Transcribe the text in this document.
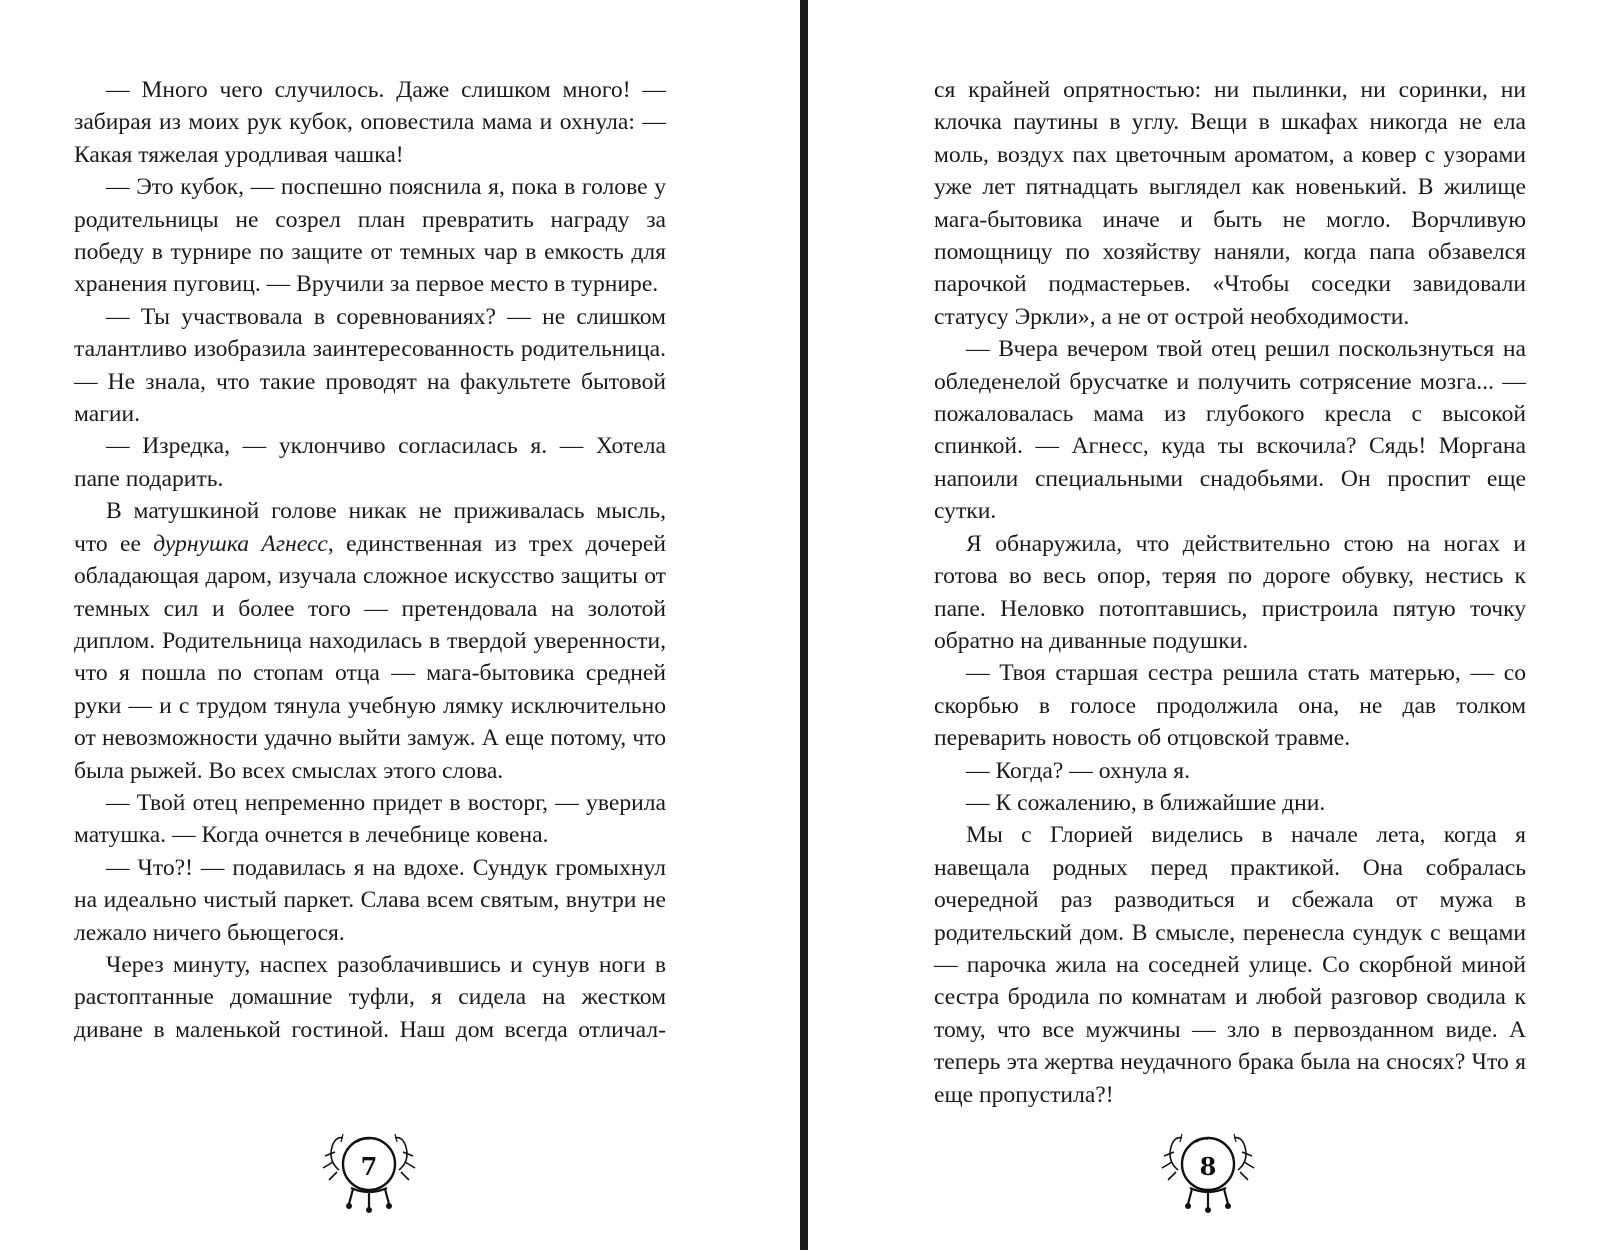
— Много чего случилось. Даже слишком много! — забирая из моих рук кубок, оповестила мама и охнула: — Какая тяжелая уродливая чашка!

— Это кубок, — поспешно пояснила я, пока в голове у родительницы не созрел план превратить награду за победу в турнире по защите от темных чар в емкость для хранения пуговиц. — Вручили за первое место в турнире.

— Ты участвовала в соревнованиях? — не слишком талантливо изобразила заинтересованность родительница. — Не знала, что такие проводят на факультете бытовой магии.

— Изредка, — уклончиво согласилась я. — Хотела папе подарить.

В матушкиной голове никак не приживалась мысль, что ее дурнушка Агнесс, единственная из трех дочерей обладающая даром, изучала сложное искусство защиты от темных сил и более того — претендовала на золотой диплом. Родительница находилась в твердой уверенности, что я пошла по стопам отца — мага-бытовика средней руки — и с трудом тянула учебную лямку исключительно от невозможности удачно выйти замуж. А еще потому, что была рыжей. Во всех смыслах этого слова.

— Твой отец непременно придет в восторг, — уверила матушка. — Когда очнется в лечебнице ковена.

— Что?! — подавилась я на вдохе. Сундук громыхнул на идеально чистый паркет. Слава всем святым, внутри не лежало ничего бьющегося.

Через минуту, наспех разоблачившись и сунув ноги в растоптанные домашние туфли, я сидела на жестком диване в маленькой гостиной. Наш дом всегда отличал-

7

ся крайней опрятностью: ни пылинки, ни соринки, ни клочка паутины в углу. Вещи в шкафах никогда не ела моль, воздух пах цветочным ароматом, а ковер с узорами уже лет пятнадцать выглядел как новенький. В жилище мага-бытовика иначе и быть не могло. Ворчливую помощницу по хозяйству наняли, когда папа обзавелся парочкой подмастерьев. «Чтобы соседки завидовали статусу Эркли», а не от острой необходимости.

— Вчера вечером твой отец решил поскользнуться на обледенелой брусчатке и получить сотрясение мозга... — пожаловалась мама из глубокого кресла с высокой спинкой. — Агнесс, куда ты вскочила? Сядь! Моргана напоили специальными снадобьями. Он проспит еще сутки.

Я обнаружила, что действительно стою на ногах и готова во весь опор, теряя по дороге обувку, нестись к папе. Неловко потоптавшись, пристроила пятую точку обратно на диванные подушки.

— Твоя старшая сестра решила стать матерью, — со скорбью в голосе продолжила она, не дав толком переварить новость об отцовской травме.

— Когда? — охнула я.

— К сожалению, в ближайшие дни.

Мы с Глорией виделись в начале лета, когда я навещала родных перед практикой. Она собралась очередной раз разводиться и сбежала от мужа в родительский дом. В смысле, перенесла сундук с вещами — парочка жила на соседней улице. Со скорбной миной сестра бродила по комнатам и любой разговор сводила к тому, что все мужчины — зло в первозданном виде. А теперь эта жертва неудачного брака была на сносях? Что я еще пропустила?!

8
